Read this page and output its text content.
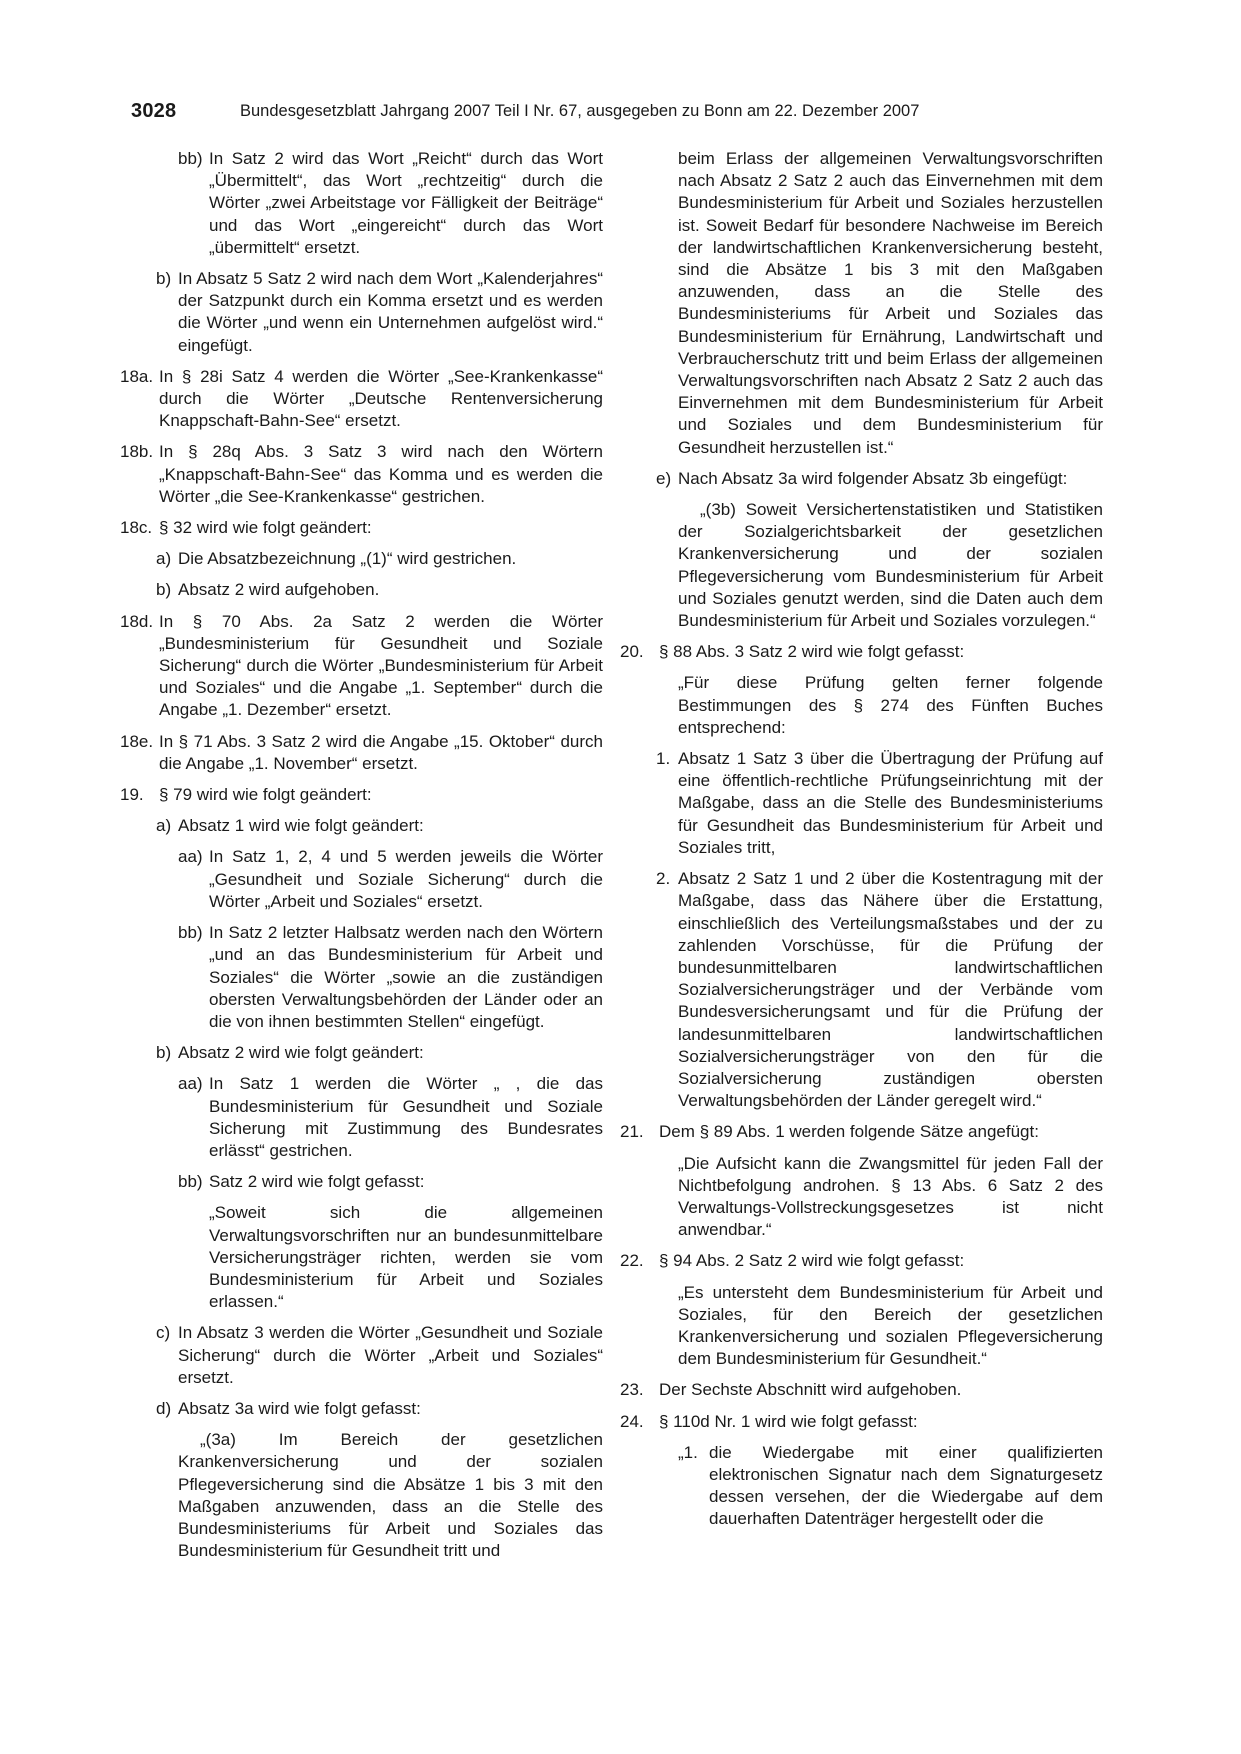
3028	Bundesgesetzblatt Jahrgang 2007 Teil I Nr. 67, ausgegeben zu Bonn am 22. Dezember 2007
bb) In Satz 2 wird das Wort „Reicht“ durch das Wort „Übermittelt“, das Wort „rechtzeitig“ durch die Wörter „zwei Arbeitstage vor Fälligkeit der Beiträge“ und das Wort „eingereicht“ durch das Wort „übermittelt“ ersetzt.
b) In Absatz 5 Satz 2 wird nach dem Wort „Kalenderjahres“ der Satzpunkt durch ein Komma ersetzt und es werden die Wörter „und wenn ein Unternehmen aufgelöst wird.“ eingefügt.
18a. In § 28i Satz 4 werden die Wörter „See-Krankenkasse“ durch die Wörter „Deutsche Rentenversicherung Knappschaft-Bahn-See“ ersetzt.
18b. In § 28q Abs. 3 Satz 3 wird nach den Wörtern „Knappschaft-Bahn-See“ das Komma und es werden die Wörter „die See-Krankenkasse“ gestrichen.
18c. § 32 wird wie folgt geändert:
a) Die Absatzbezeichnung „(1)“ wird gestrichen.
b) Absatz 2 wird aufgehoben.
18d. In § 70 Abs. 2a Satz 2 werden die Wörter „Bundesministerium für Gesundheit und Soziale Sicherung“ durch die Wörter „Bundesministerium für Arbeit und Soziales“ und die Angabe „1. September“ durch die Angabe „1. Dezember“ ersetzt.
18e. In § 71 Abs. 3 Satz 2 wird die Angabe „15. Oktober“ durch die Angabe „1. November“ ersetzt.
19. § 79 wird wie folgt geändert:
a) Absatz 1 wird wie folgt geändert:
aa) In Satz 1, 2, 4 und 5 werden jeweils die Wörter „Gesundheit und Soziale Sicherung“ durch die Wörter „Arbeit und Soziales“ ersetzt.
bb) In Satz 2 letzter Halbsatz werden nach den Wörtern „und an das Bundesministerium für Arbeit und Soziales“ die Wörter „sowie an die zuständigen obersten Verwaltungsbehörden der Länder oder an die von ihnen bestimmten Stellen“ eingefügt.
b) Absatz 2 wird wie folgt geändert:
aa) In Satz 1 werden die Wörter „ , die das Bundesministerium für Gesundheit und Soziale Sicherung mit Zustimmung des Bundesrates erlässt“ gestrichen.
bb) Satz 2 wird wie folgt gefasst:
„Soweit sich die allgemeinen Verwaltungsvorschriften nur an bundesunmittelbare Versicherungsträger richten, werden sie vom Bundesministerium für Arbeit und Soziales erlassen.“
c) In Absatz 3 werden die Wörter „Gesundheit und Soziale Sicherung“ durch die Wörter „Arbeit und Soziales“ ersetzt.
d) Absatz 3a wird wie folgt gefasst:
„(3a) Im Bereich der gesetzlichen Krankenversicherung und der sozialen Pflegeversicherung sind die Absätze 1 bis 3 mit den Maßgaben anzuwenden, dass an die Stelle des Bundesministeriums für Arbeit und Soziales das Bundesministerium für Gesundheit tritt und
beim Erlass der allgemeinen Verwaltungsvorschriften nach Absatz 2 Satz 2 auch das Einvernehmen mit dem Bundesministerium für Arbeit und Soziales herzustellen ist. Soweit Bedarf für besondere Nachweise im Bereich der landwirtschaftlichen Krankenversicherung besteht, sind die Absätze 1 bis 3 mit den Maßgaben anzuwenden, dass an die Stelle des Bundesministeriums für Arbeit und Soziales das Bundesministerium für Ernährung, Landwirtschaft und Verbraucherschutz tritt und beim Erlass der allgemeinen Verwaltungsvorschriften nach Absatz 2 Satz 2 auch das Einvernehmen mit dem Bundesministerium für Arbeit und Soziales und dem Bundesministerium für Gesundheit herzustellen ist.“
e) Nach Absatz 3a wird folgender Absatz 3b eingefügt:
„(3b) Soweit Versichertenstatistiken und Statistiken der Sozialgerichtsbarkeit der gesetzlichen Krankenversicherung und der sozialen Pflegeversicherung vom Bundesministerium für Arbeit und Soziales genutzt werden, sind die Daten auch dem Bundesministerium für Arbeit und Soziales vorzulegen.“
20. § 88 Abs. 3 Satz 2 wird wie folgt gefasst:
„Für diese Prüfung gelten ferner folgende Bestimmungen des § 274 des Fünften Buches entsprechend:
1. Absatz 1 Satz 3 über die Übertragung der Prüfung auf eine öffentlich-rechtliche Prüfungseinrichtung mit der Maßgabe, dass an die Stelle des Bundesministeriums für Gesundheit das Bundesministerium für Arbeit und Soziales tritt,
2. Absatz 2 Satz 1 und 2 über die Kostentragung mit der Maßgabe, dass das Nähere über die Erstattung, einschließlich des Verteilungsmaßstabes und der zu zahlenden Vorschüsse, für die Prüfung der bundesunmittelbaren landwirtschaftlichen Sozialversicherungsträger und der Verbände vom Bundesversicherungsamt und für die Prüfung der landesunmittelbaren landwirtschaftlichen Sozialversicherungsträger von den für die Sozialversicherung zuständigen obersten Verwaltungsbehörden der Länder geregelt wird.“
21. Dem § 89 Abs. 1 werden folgende Sätze angefügt:
„Die Aufsicht kann die Zwangsmittel für jeden Fall der Nichtbefolgung androhen. § 13 Abs. 6 Satz 2 des Verwaltungs-Vollstreckungsgesetzes ist nicht anwendbar.“
22. § 94 Abs. 2 Satz 2 wird wie folgt gefasst:
„Es untersteht dem Bundesministerium für Arbeit und Soziales, für den Bereich der gesetzlichen Krankenversicherung und sozialen Pflegeversicherung dem Bundesministerium für Gesundheit.“
23. Der Sechste Abschnitt wird aufgehoben.
24. § 110d Nr. 1 wird wie folgt gefasst:
„1. die Wiedergabe mit einer qualifizierten elektronischen Signatur nach dem Signaturgesetz dessen versehen, der die Wiedergabe auf dem dauerhaften Datenträger hergestellt oder die
